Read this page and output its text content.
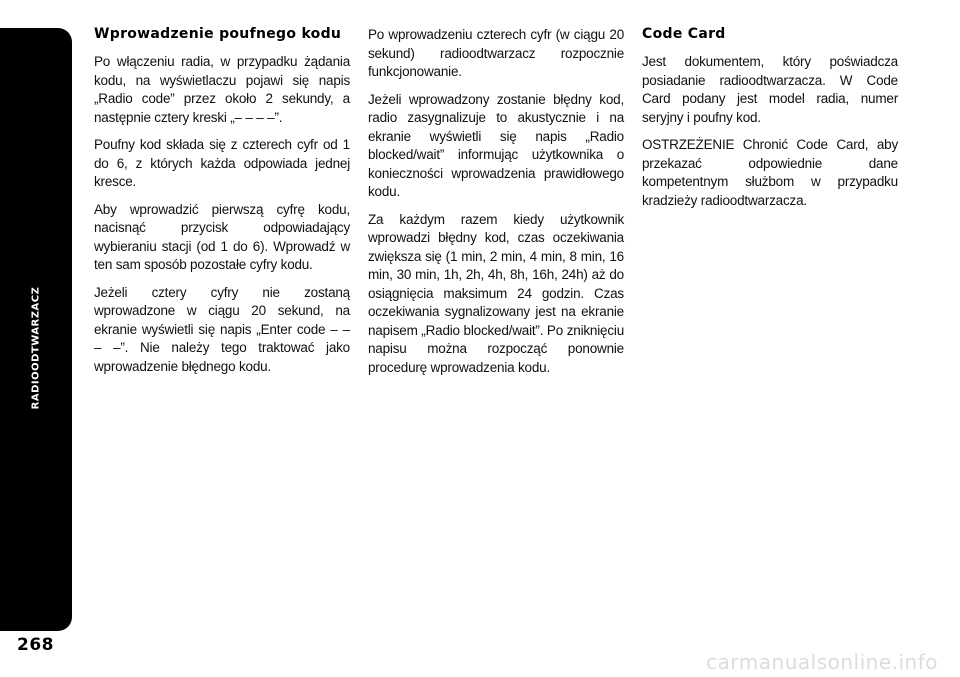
RADIOODTWARZACZ
268
Wprowadzenie poufnego kodu

Po włączeniu radia, w przypadku żądania kodu, na wyświetlaczu pojawi się napis „Radio code” przez około 2 sekundy, a następnie cztery kreski „– – – –”.

Poufny kod składa się z czterech cyfr od 1 do 6, z których każda odpowiada jednej kresce.

Aby wprowadzić pierwszą cyfrę kodu, nacisnąć przycisk odpowiadający wybieraniu stacji (od 1 do 6). Wprowadź w ten sam sposób pozostałe cyfry kodu.

Jeżeli cztery cyfry nie zostaną wprowadzone w ciągu 20 sekund, na ekranie wyświetli się napis „Enter code – – – –”. Nie należy tego traktować jako wprowadzenie błędnego kodu.

Po wprowadzeniu czterech cyfr (w ciągu 20 sekund) radioodtwarzacz rozpocznie funkcjonowanie.

Jeżeli wprowadzony zostanie błędny kod, radio zasygnalizuje to akustycznie i na ekranie wyświetli się napis „Radio blocked/wait” informując użytkownika o konieczności wprowadzenia prawidłowego kodu.

Za każdym razem kiedy użytkownik wprowadzi błędny kod, czas oczekiwania zwiększa się (1 min, 2 min, 4 min, 8 min, 16 min, 30 min, 1h, 2h, 4h, 8h, 16h, 24h) aż do osiągnięcia maksimum 24 godzin. Czas oczekiwania sygnalizowany jest na ekranie napisem „Radio blocked/wait”. Po zniknięciu napisu można rozpocząć ponownie procedurę wprowadzenia kodu.

Code Card

Jest dokumentem, który poświadcza posiadanie radioodtwarzacza. W Code Card podany jest model radia, numer seryjny i poufny kod.

OSTRZEŻENIE Chronić Code Card, aby przekazać odpowiednie dane kompetentnym służbom w przypadku kradzieży radioodtwarzacza.

carmanualsonline.info
